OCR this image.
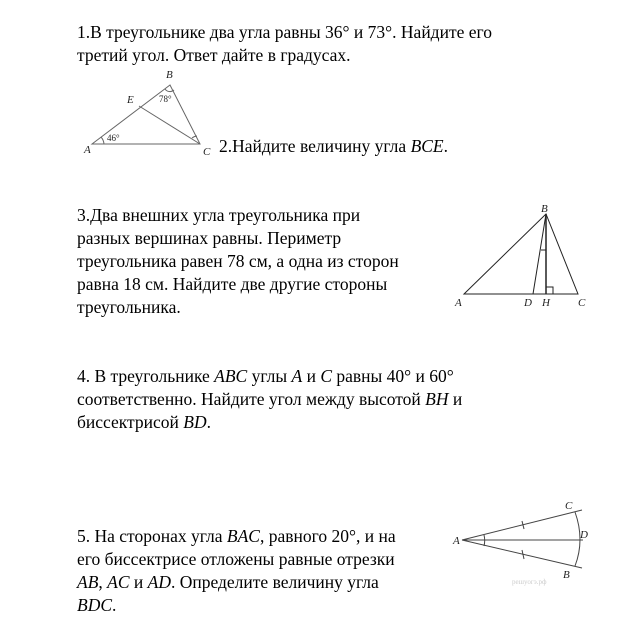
1.В треугольнике два угла равны 36° и 73°. Найдите его
третий угол. Ответ дайте в градусах.
2.Найдите величину угла BCE.
3.Два внешних угла треугольника при
разных вершинах равны. Периметр
треугольника равен 78 см, а одна из сторон
равна 18 см. Найдите две другие стороны
треугольника.
4. В треугольнике ABC углы A и C равны 40° и 60°
соответственно. Найдите угол между высотой BH и
биссектрисой BD.
5. На сторонах угла BAC, равного 20°, и на
его биссектрисе отложены равные отрезки
AB, AC и AD. Определите величину угла
BDC.
B
E
A	C
78°
46°
A
B
D H	C
A
C
D
B
решуогэ.рф
